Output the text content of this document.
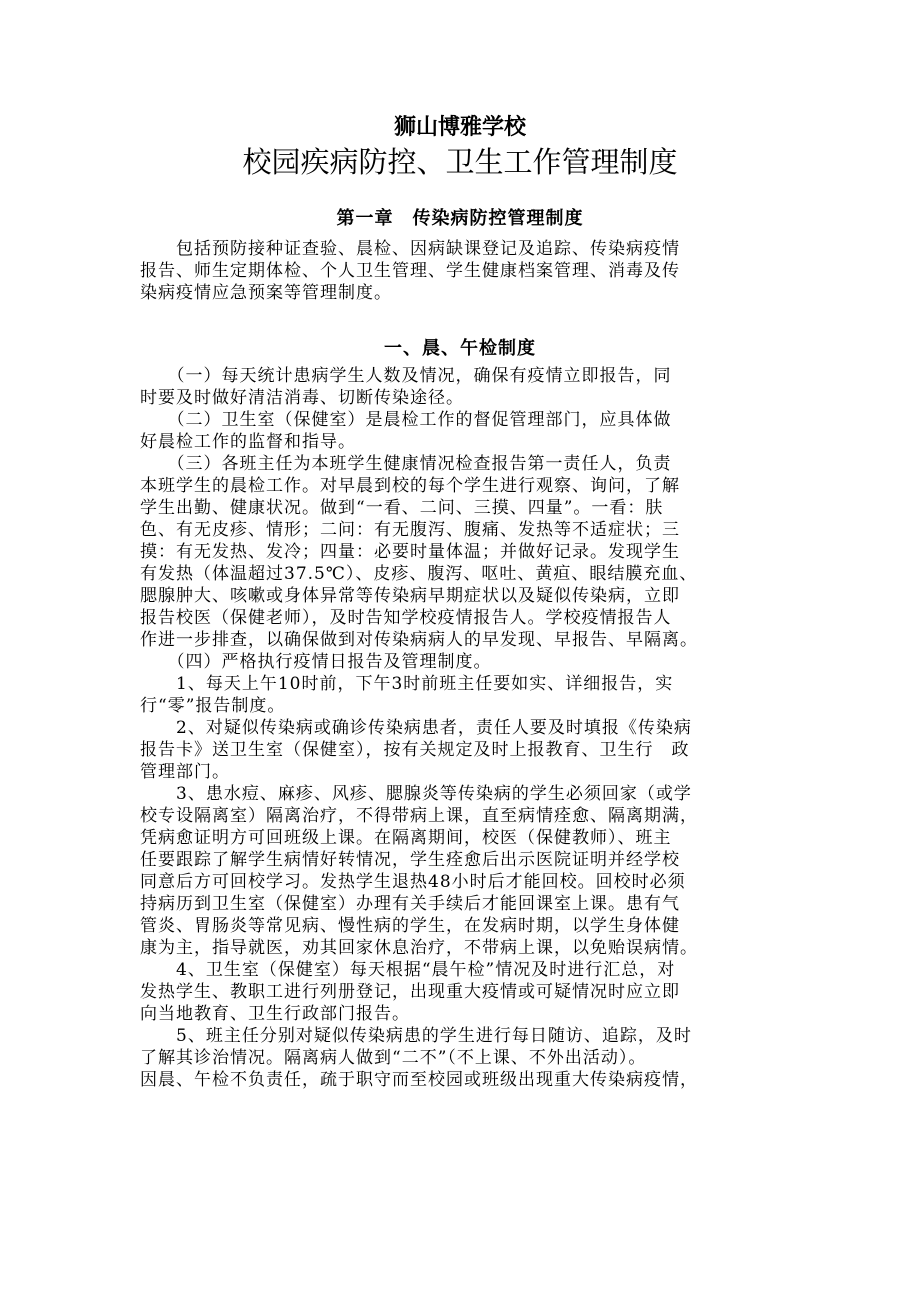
狮山博雅学校
校园疾病防控、卫生工作管理制度
第一章　传染病防控管理制度
　　包括预防接种证查验、晨检、因病缺课登记及追踪、传染病疫情
报告、师生定期体检、个人卫生管理、学生健康档案管理、消毒及传
染病疫情应急预案等管理制度。
一、晨、午检制度
　　（一）每天统计患病学生人数及情况，确保有疫情立即报告，同
时要及时做好清洁消毒、切断传染途径。
　　（二）卫生室（保健室）是晨检工作的督促管理部门，应具体做
好晨检工作的监督和指导。
　　（三）各班主任为本班学生健康情况检查报告第一责任人，负责
本班学生的晨检工作。对早晨到校的每个学生进行观察、询问，了解
学生出勤、健康状况。做到“一看、二问、三摸、四量”。一看：肤
色、有无皮疹、情形；二问：有无腹泻、腹痛、发热等不适症状；三
摸：有无发热、发冷；四量：必要时量体温；并做好记录。发现学生
有发热（体温超过37.5℃）、皮疹、腹泻、呕吐、黄疸、眼结膜充血、
腮腺肿大、咳嗽或身体异常等传染病早期症状以及疑似传染病，立即
报告校医（保健老师），及时告知学校疫情报告人。学校疫情报告人
作进一步排查，以确保做到对传染病病人的早发现、早报告、早隔离。
　　（四）严格执行疫情日报告及管理制度。
　　1、每天上午10时前，下午3时前班主任要如实、详细报告，实
行“零”报告制度。
　　2、对疑似传染病或确诊传染病患者，责任人要及时填报《传染病
报告卡》送卫生室（保健室），按有关规定及时上报教育、卫生行　政
管理部门。
　　3、患水痘、麻疹、风疹、腮腺炎等传染病的学生必须回家（或学
校专设隔离室）隔离治疗，不得带病上课，直至病情痊愈、隔离期满，
凭病愈证明方可回班级上课。在隔离期间，校医（保健教师）、班主
任要跟踪了解学生病情好转情况，学生痊愈后出示医院证明并经学校
同意后方可回校学习。发热学生退热48小时后才能回校。回校时必须
持病历到卫生室（保健室）办理有关手续后才能回课室上课。患有气
管炎、胃肠炎等常见病、慢性病的学生，在发病时期，以学生身体健
康为主，指导就医，劝其回家休息治疗，不带病上课，以免贻误病情。
　　4、卫生室（保健室）每天根据“晨午检”情况及时进行汇总，对
发热学生、教职工进行列册登记，出现重大疫情或可疑情况时应立即
向当地教育、卫生行政部门报告。
　　5、班主任分别对疑似传染病患的学生进行每日随访、追踪，及时
了解其诊治情况。隔离病人做到“二不”（不上课、不外出活动）。
因晨、午检不负责任，疏于职守而至校园或班级出现重大传染病疫情，
